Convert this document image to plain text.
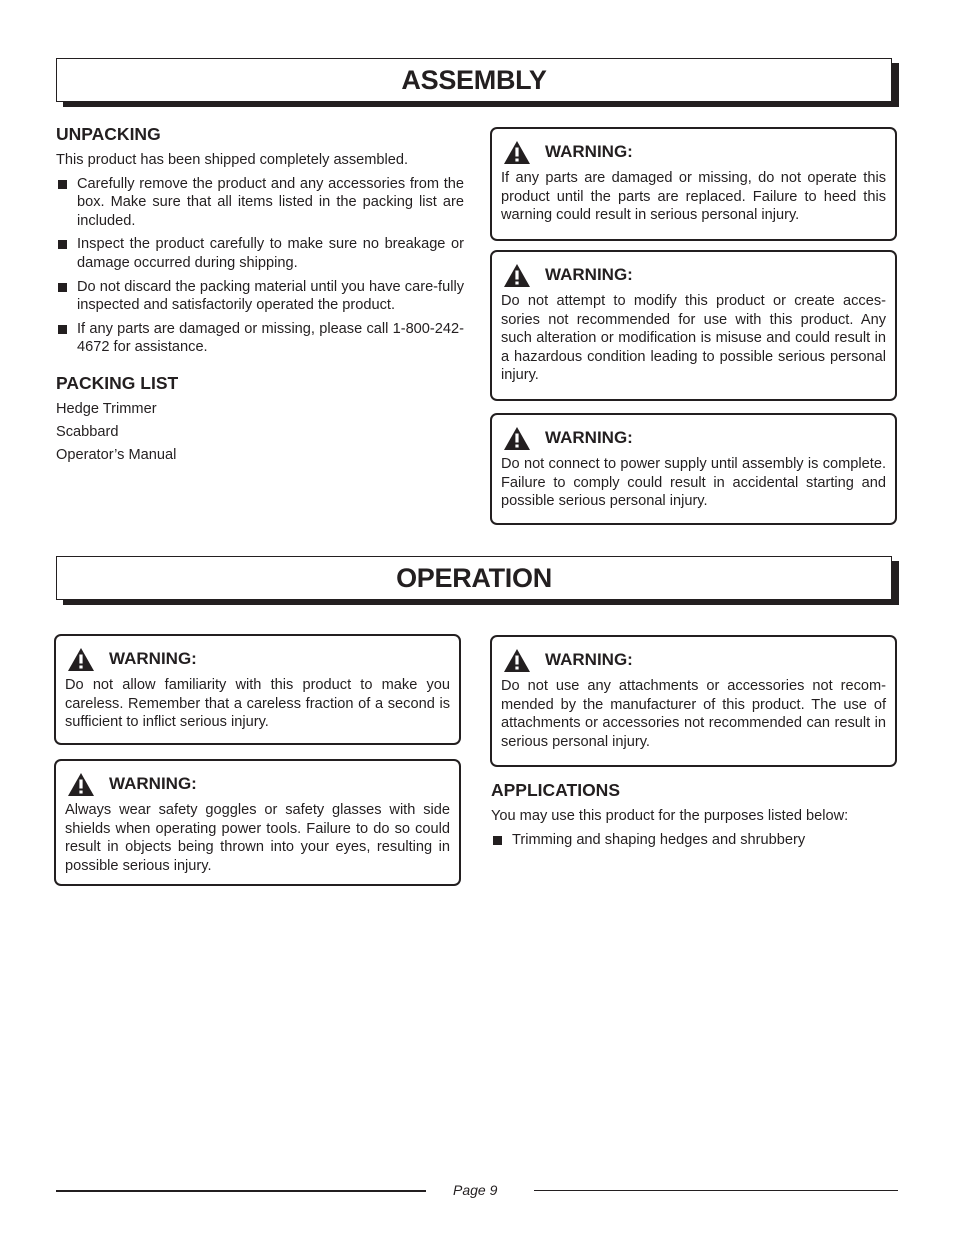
ASSEMBLY
UNPACKING

This product has been shipped completely assembled.

Carefully remove the product and any accessories from the box. Make sure that all items listed in the packing list are included.
Inspect the product carefully to make sure no breakage or damage occurred during shipping.
Do not discard the packing material until you have care-fully inspected and satisfactorily operated the product.
If any parts are damaged or missing, please call 1-800-242-4672 for assistance.
PACKING LIST
Hedge Trimmer
Scabbard
Operator’s Manual
WARNING:

If any parts are damaged or missing, do not operate this product until the parts are replaced. Failure to heed this warning could result in serious personal injury.

WARNING:

Do not attempt to modify this product or create acces-sories not recommended for use with this product. Any such alteration or modification is misuse and could result in a hazardous condition leading to possible serious personal injury.

WARNING:

Do not connect to power supply until assembly is complete. Failure to comply could result in accidental starting and possible serious personal injury.

OPERATION
WARNING:

Do not allow familiarity with this product to make you careless. Remember that a careless fraction of a second is sufficient to inflict serious injury.

WARNING:

Always wear safety goggles or safety glasses with side shields when operating power tools. Failure to do so could result in objects being thrown into your eyes, resulting in possible serious injury.

WARNING:

Do not use any attachments or accessories not recom-mended by the manufacturer of this product. The use of attachments or accessories not recommended can result in serious personal injury.

APPLICATIONS

You may use this product for the purposes listed below:

Trimming and shaping hedges and shrubbery
Page 9
